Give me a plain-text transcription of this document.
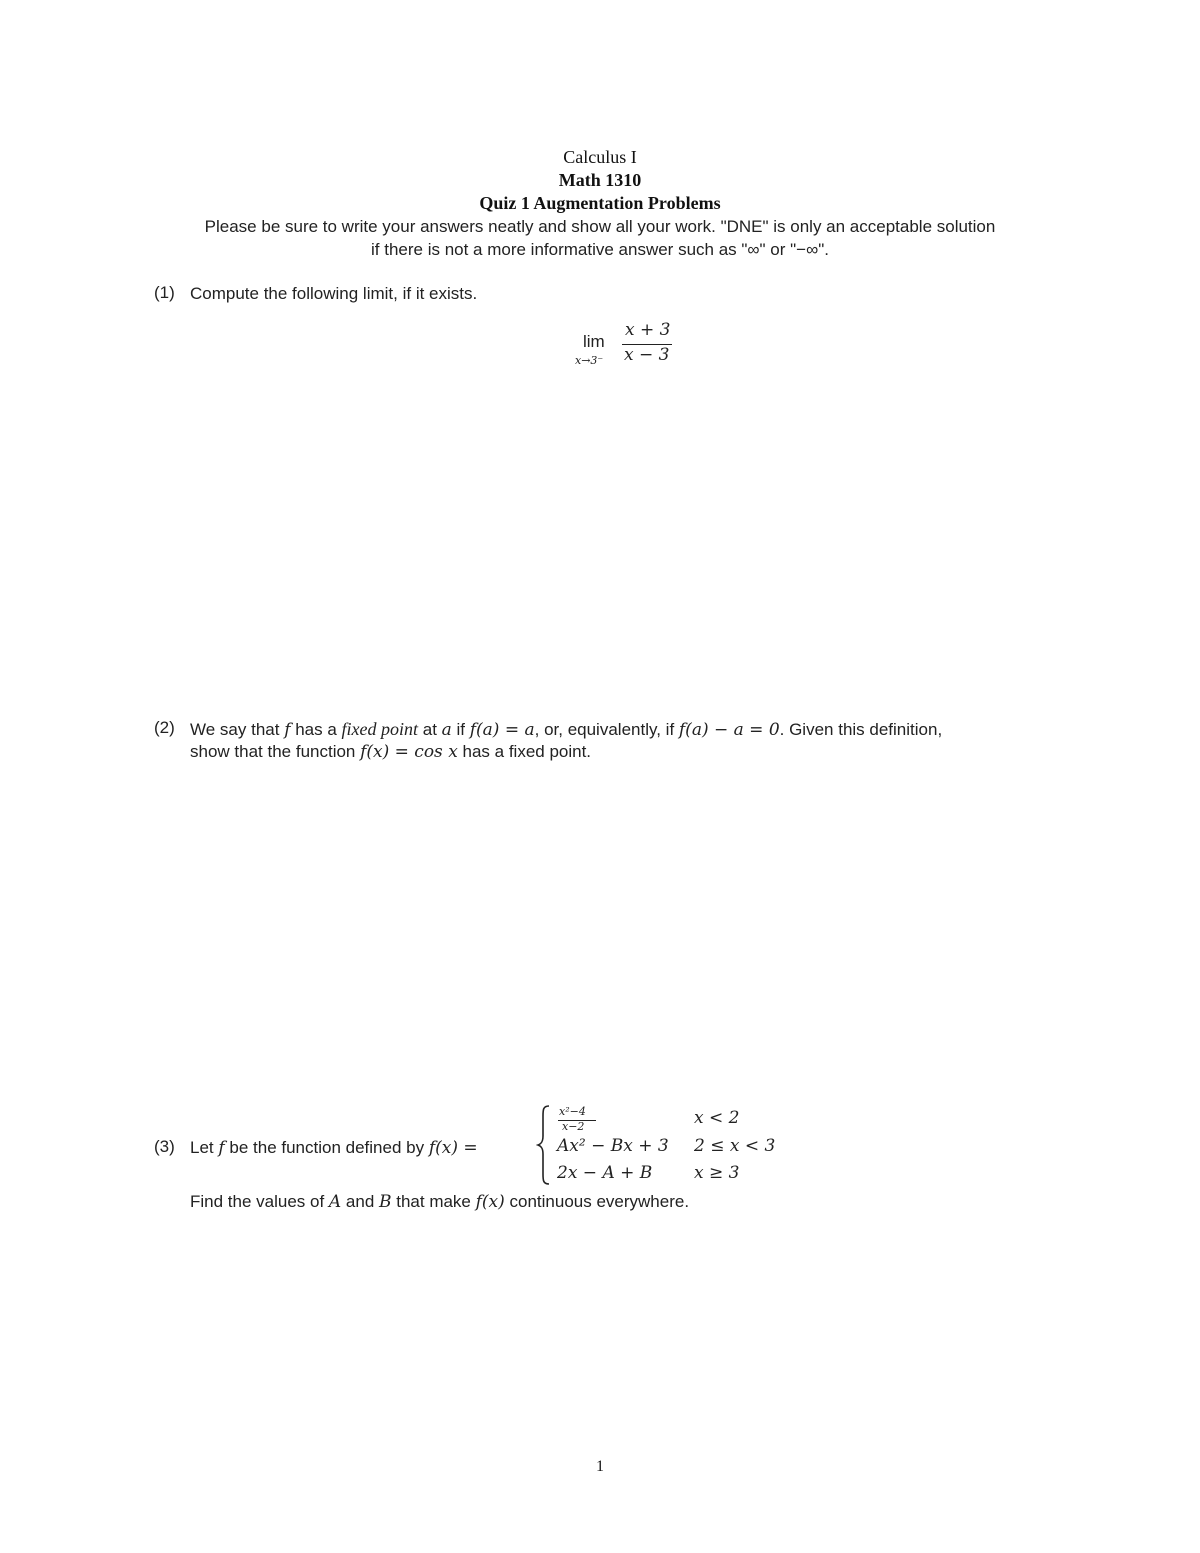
Calculus I
Math 1310
Quiz 1 Augmentation Problems
Please be sure to write your answers neatly and show all your work. "DNE" is only an acceptable solution
if there is not a more informative answer such as "∞" or "−∞".
(1) Compute the following limit, if it exists.
lim
x→3⁻
x + 3
x − 3
(2) We say that f has a fixed point at a if f(a) = a, or, equivalently, if f(a) − a = 0. Given this definition,
show that the function f(x) = cos x has a fixed point.
(3) Let f be the function defined by f(x) =
x²−4
x−2	x < 2
Ax² − Bx + 3 2 ≤ x < 3
2x − A + B x ≥ 3
Find the values of A and B that make f(x) continuous everywhere.
1
